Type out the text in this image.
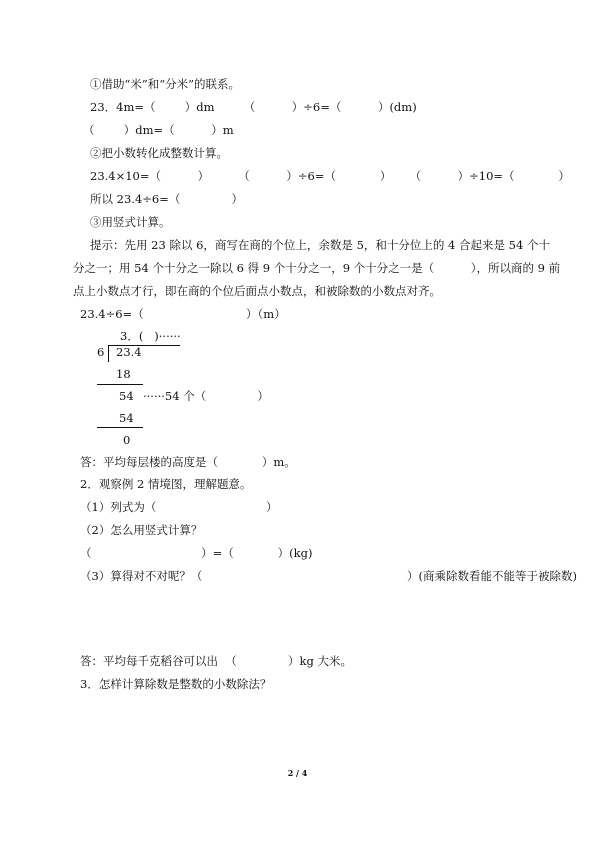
①借助“米”和“分米”的联系。
23．4m=（        ）dm        （          ）÷6=（          ）(dm)
（        ）dm=（          ）m
②把小数转化成整数计算。
23.4×10=（          ）        （          ）÷6=（            ）     （          ）÷10=（            ）
所以 23.4÷6=（              ）
③用竖式计算。
提示：先用 23 除以 6，商写在商的个位上，余数是 5，和十分位上的 4 合起来是 54 个十
分之一；用 54 个十分之一除以 6 得 9 个十分之一，9 个十分之一是（          ），所以商的 9 前
点上小数点才行，即在商的个位后面点小数点，和被除数的小数点对齐。
23.4÷6=（                            ）（m）
3．(   )······
6 23.4
18
54 ······54 个（              ）
54
0
答：平均每层楼的高度是（            ）m。
2．观察例 2 情境图，理解题意。
（1）列式为（                              ）
（2）怎么用竖式计算？
（                              ）=（            ）(kg)
（3）算得对不对呢？（                                                        ）(商乘除数看能不能等于被除数)
答：平均每千克稻谷可以出  （              ）kg 大米。
3．怎样计算除数是整数的小数除法？
2 / 4
